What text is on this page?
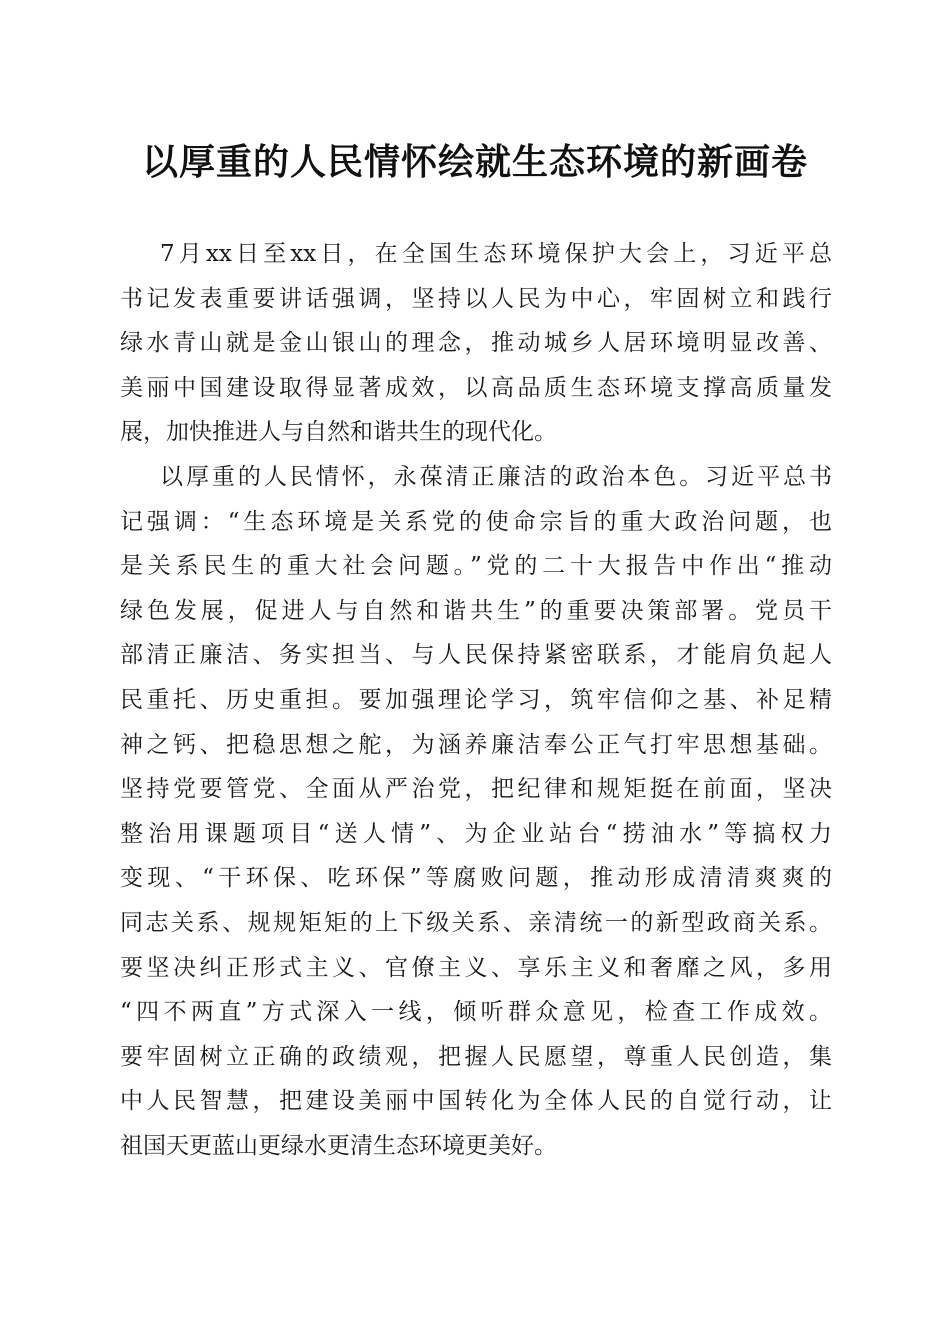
以厚重的人民情怀绘就生态环境的新画卷
7月xx日至xx日，在全国生态环境保护大会上，习近平总
书记发表重要讲话强调，坚持以人民为中心，牢固树立和践行
绿水青山就是金山银山的理念，推动城乡人居环境明显改善、
美丽中国建设取得显著成效，以高品质生态环境支撑高质量发
展，加快推进人与自然和谐共生的现代化。
以厚重的人民情怀，永葆清正廉洁的政治本色。习近平总书
记强调：“生态环境是关系党的使命宗旨的重大政治问题，也
是关系民生的重大社会问题。”党的二十大报告中作出“推动
绿色发展，促进人与自然和谐共生”的重要决策部署。党员干
部清正廉洁、务实担当、与人民保持紧密联系，才能肩负起人
民重托、历史重担。要加强理论学习，筑牢信仰之基、补足精
神之钙、把稳思想之舵，为涵养廉洁奉公正气打牢思想基础。
坚持党要管党、全面从严治党，把纪律和规矩挺在前面，坚决
整治用课题项目“送人情”、为企业站台“捞油水”等搞权力
变现、“干环保、吃环保”等腐败问题，推动形成清清爽爽的
同志关系、规规矩矩的上下级关系、亲清统一的新型政商关系。
要坚决纠正形式主义、官僚主义、享乐主义和奢靡之风，多用
“四不两直”方式深入一线，倾听群众意见，检查工作成效。
要牢固树立正确的政绩观，把握人民愿望，尊重人民创造，集
中人民智慧，把建设美丽中国转化为全体人民的自觉行动，让
祖国天更蓝山更绿水更清生态环境更美好。
